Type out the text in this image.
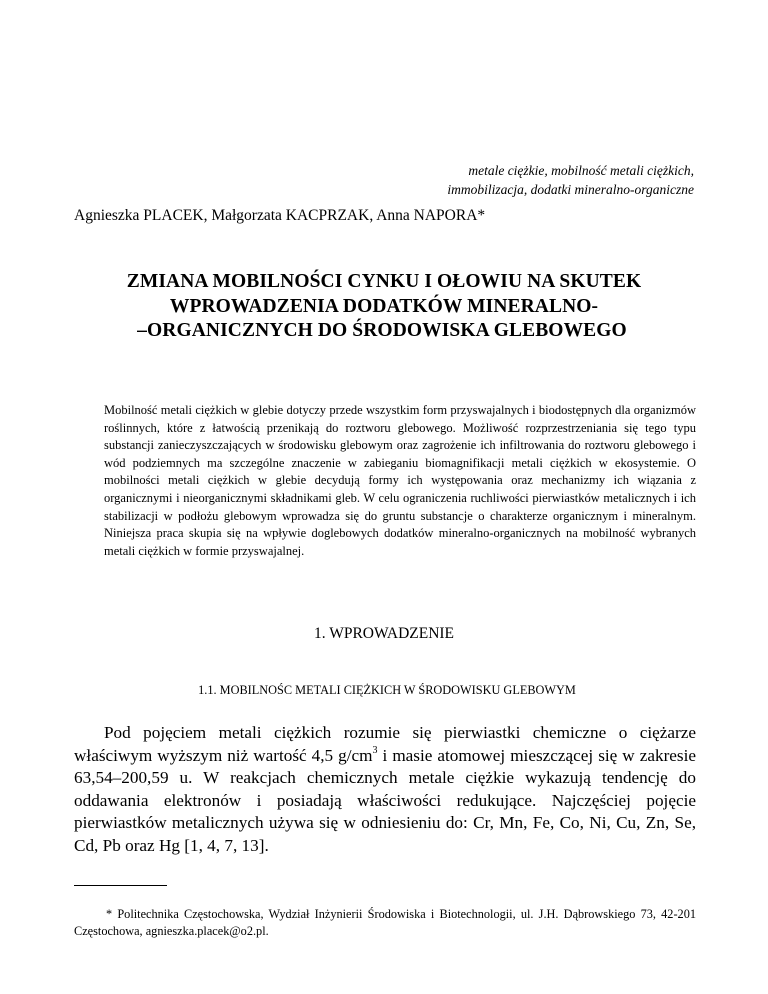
metale ciężkie, mobilność metali ciężkich,
immobilizacja, dodatki mineralno-organiczne
Agnieszka PLACEK, Małgorzata KACPRZAK, Anna NAPORA*
ZMIANA MOBILNOŚCI CYNKU I OŁOWIU NA SKUTEK
WPROWADZENIA DODATKÓW MINERALNO-
–ORGANICZNYCH DO ŚRODOWISKA GLEBOWEGO
Mobilność metali ciężkich w glebie dotyczy przede wszystkim form przyswajalnych i biodostępnych dla organizmów roślinnych, które z łatwością przenikają do roztworu glebowego. Możliwość rozprzestrzeniania się tego typu substancji zanieczyszczających w środowisku glebowym oraz zagrożenie ich infiltrowania do roztworu glebowego i wód podziemnych ma szczególne znaczenie w zabieganiu biomagnifikacji metali ciężkich w ekosystemie. O mobilności metali ciężkich w glebie decydują formy ich występowania oraz mechanizmy ich wiązania z organicznymi i nieorganicznymi składnikami gleb. W celu ograniczenia ruchliwości pierwiastków metalicznych i ich stabilizacji w podłożu glebowym wprowadza się do gruntu substancje o charakterze organicznym i mineralnym. Niniejsza praca skupia się na wpływie doglebowych dodatków mineralno-organicznych na mobilność wybranych metali ciężkich w formie przyswajalnej.
1. WPROWADZENIE
1.1. MOBILNOŚC METALI CIĘŻKICH W ŚRODOWISKU GLEBOWYM
Pod pojęciem metali ciężkich rozumie się pierwiastki chemiczne o ciężarze właściwym wyższym niż wartość 4,5 $g/cm^3$ i masie atomowej mieszczącej się w zakresie 63,54–200,59 u. W reakcjach chemicznych metale ciężkie wykazują tendencję do oddawania elektronów i posiadają właściwości redukujące. Najczęściej pojęcie pierwiastków metalicznych używa się w odniesieniu do: Cr, Mn, Fe, Co, Ni, Cu, Zn, Se, Cd, Pb oraz Hg [1, 4, 7, 13].
* Politechnika Częstochowska, Wydział Inżynierii Środowiska i Biotechnologii, ul. J.H. Dąbrowskiego 73, 42-201 Częstochowa, agnieszka.placek@o2.pl.
